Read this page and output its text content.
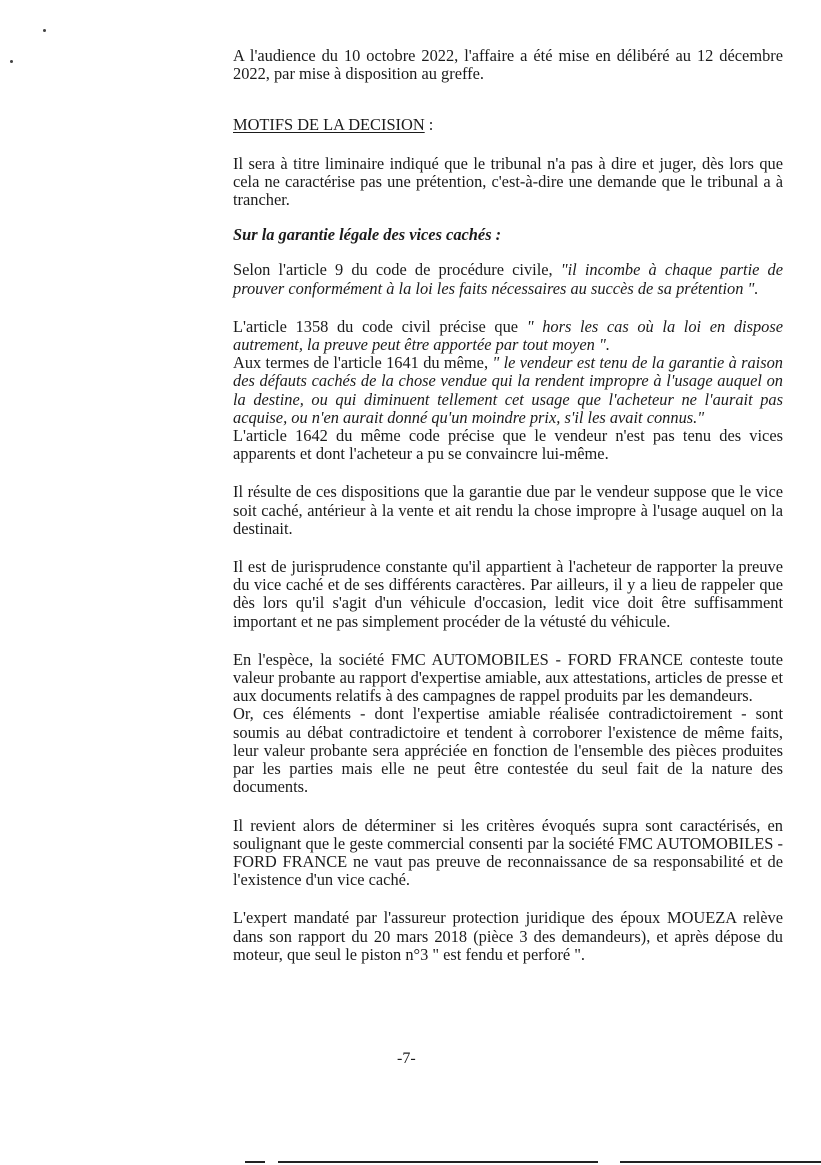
A l'audience du 10 octobre 2022, l'affaire a été mise en délibéré au 12 décembre 2022, par mise à disposition au greffe.

MOTIFS DE LA DECISION :

Il sera à titre liminaire indiqué que le tribunal n'a pas à dire et juger, dès lors que cela ne caractérise pas une prétention, c'est-à-dire une demande que le tribunal a à trancher.

Sur la garantie légale des vices cachés :

Selon l'article 9 du code de procédure civile, "il incombe à chaque partie de prouver conformément à la loi les faits nécessaires au succès de sa prétention ".

L'article 1358 du code civil précise que " hors les cas où la loi en dispose autrement, la preuve peut être apportée par tout moyen ".

Aux termes de l'article 1641 du même, " le vendeur est tenu de la garantie à raison des défauts cachés de la chose vendue qui la rendent impropre à l'usage auquel on la destine, ou qui diminuent tellement cet usage que l'acheteur ne l'aurait pas acquise, ou n'en aurait donné qu'un moindre prix, s'il les avait connus."

L'article 1642 du même code précise que le vendeur n'est pas tenu des vices apparents et dont l'acheteur a pu se convaincre lui-même.

Il résulte de ces dispositions que la garantie due par le vendeur suppose que le vice soit caché, antérieur à la vente et ait rendu la chose impropre à l'usage auquel on la destinait.

Il est de jurisprudence constante qu'il appartient à l'acheteur de rapporter la preuve du vice caché et de ses différents caractères. Par ailleurs, il y a lieu de rappeler que dès lors qu'il s'agit d'un véhicule d'occasion, ledit vice doit être suffisamment important et ne pas simplement procéder de la vétusté du véhicule.

En l'espèce, la société FMC AUTOMOBILES - FORD FRANCE conteste toute valeur probante au rapport d'expertise amiable, aux attestations, articles de presse et aux documents relatifs à des campagnes de rappel produits par les demandeurs.

Or, ces éléments - dont l'expertise amiable réalisée contradictoirement - sont soumis au débat contradictoire et tendent à corroborer l'existence de même faits, leur valeur probante sera appréciée en fonction de l'ensemble des pièces produites par les parties mais elle ne peut être contestée du seul fait de la nature des documents.

Il revient alors de déterminer si les critères évoqués supra sont caractérisés, en soulignant que le geste commercial consenti par la société FMC AUTOMOBILES - FORD FRANCE ne vaut pas preuve de reconnaissance de sa responsabilité et de l'existence d'un vice caché.

L'expert mandaté par l'assureur protection juridique des époux MOUEZA relève dans son rapport du 20 mars 2018 (pièce 3 des demandeurs), et après dépose du moteur, que seul le piston n°3 " est fendu et perforé ".

-7-
